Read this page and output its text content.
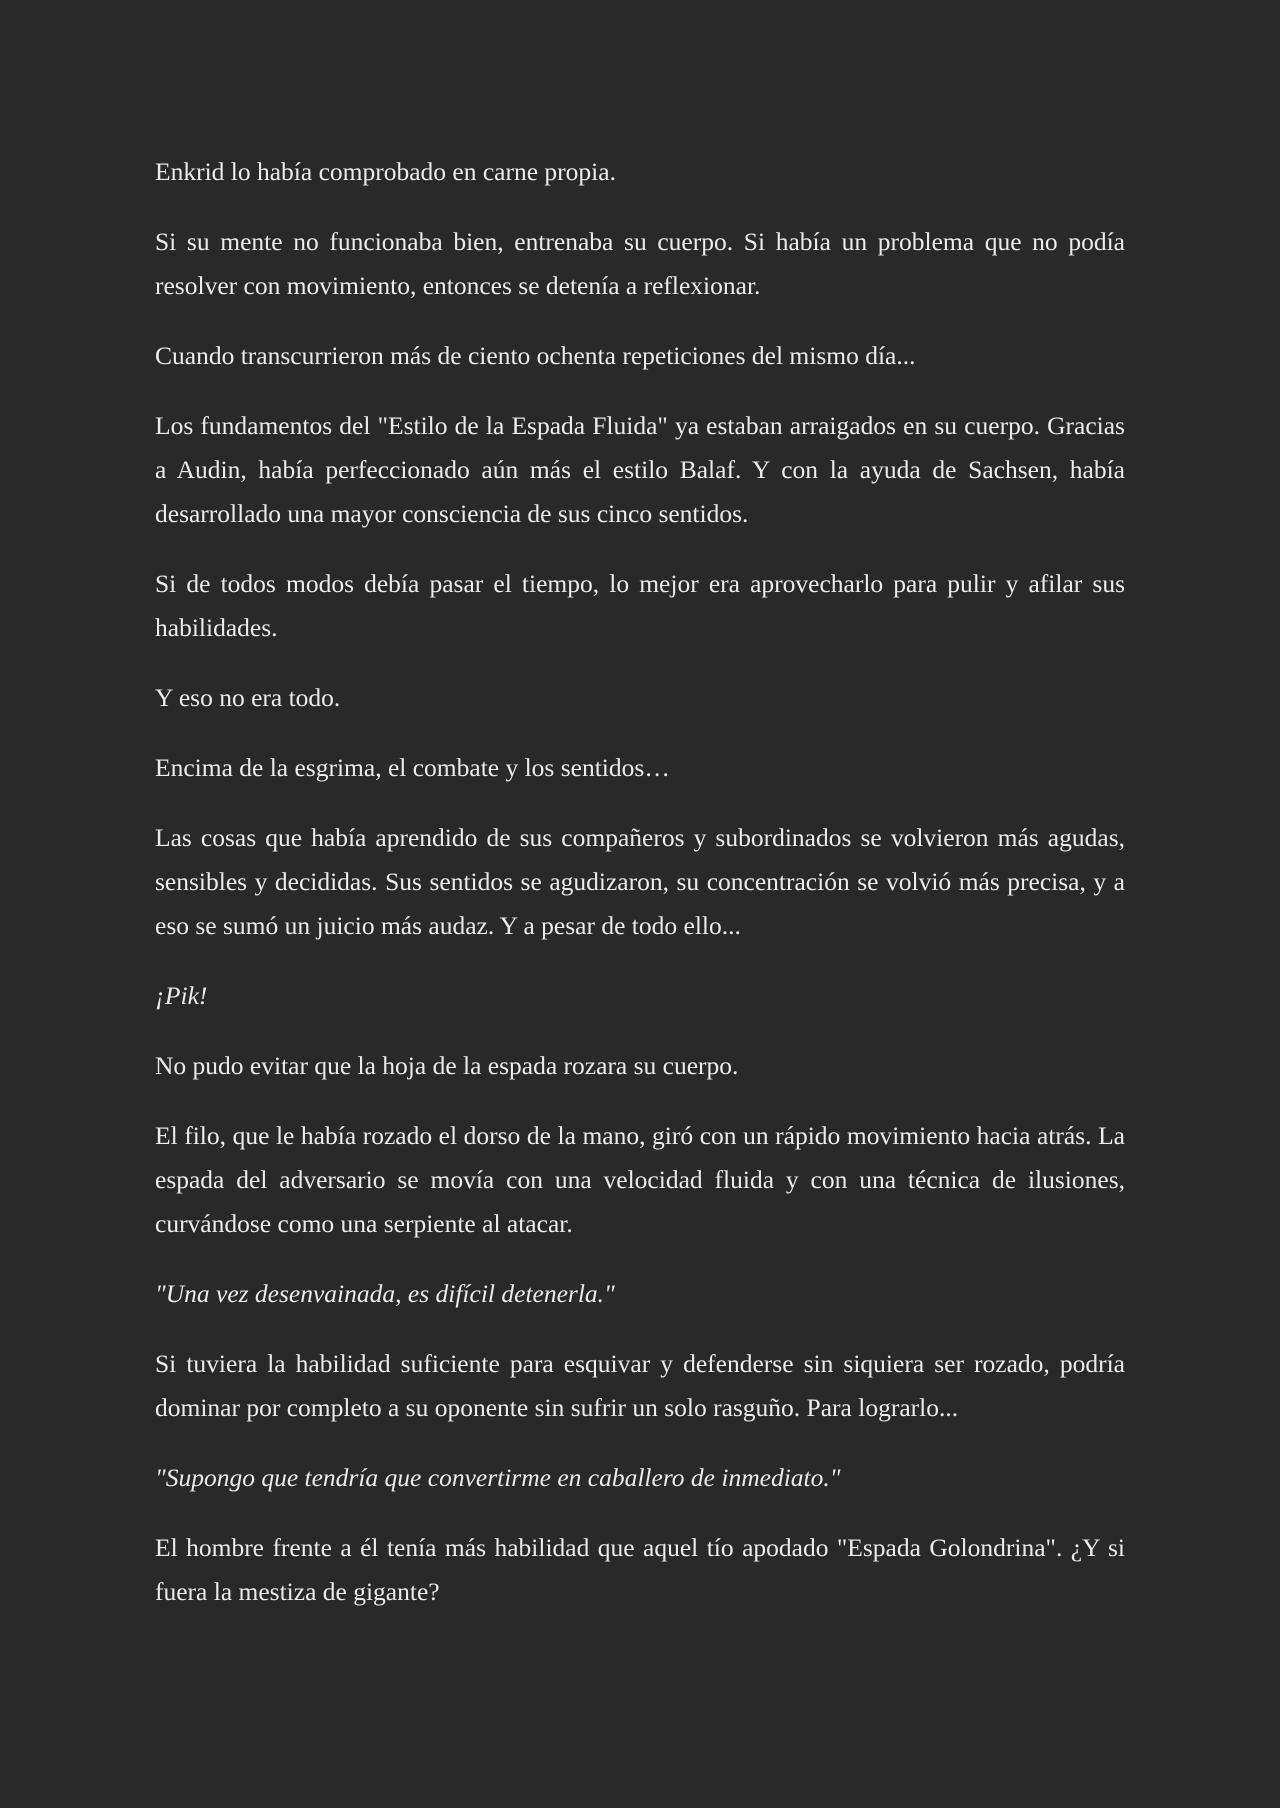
Enkrid lo había comprobado en carne propia.

Si su mente no funcionaba bien, entrenaba su cuerpo. Si había un problema que no podía resolver con movimiento, entonces se detenía a reflexionar.

Cuando transcurrieron más de ciento ochenta repeticiones del mismo día...

Los fundamentos del "Estilo de la Espada Fluida" ya estaban arraigados en su cuerpo. Gracias a Audin, había perfeccionado aún más el estilo Balaf. Y con la ayuda de Sachsen, había desarrollado una mayor consciencia de sus cinco sentidos.

Si de todos modos debía pasar el tiempo, lo mejor era aprovecharlo para pulir y afilar sus habilidades.

Y eso no era todo.

Encima de la esgrima, el combate y los sentidos…

Las cosas que había aprendido de sus compañeros y subordinados se volvieron más agudas, sensibles y decididas. Sus sentidos se agudizaron, su concentración se volvió más precisa, y a eso se sumó un juicio más audaz. Y a pesar de todo ello...

¡Pik!

No pudo evitar que la hoja de la espada rozara su cuerpo.

El filo, que le había rozado el dorso de la mano, giró con un rápido movimiento hacia atrás. La espada del adversario se movía con una velocidad fluida y con una técnica de ilusiones, curvándose como una serpiente al atacar.

"Una vez desenvainada, es difícil detenerla."

Si tuviera la habilidad suficiente para esquivar y defenderse sin siquiera ser rozado, podría dominar por completo a su oponente sin sufrir un solo rasguño. Para lograrlo...

"Supongo que tendría que convertirme en caballero de inmediato."

El hombre frente a él tenía más habilidad que aquel tío apodado "Espada Golondrina". ¿Y si fuera la mestiza de gigante?
